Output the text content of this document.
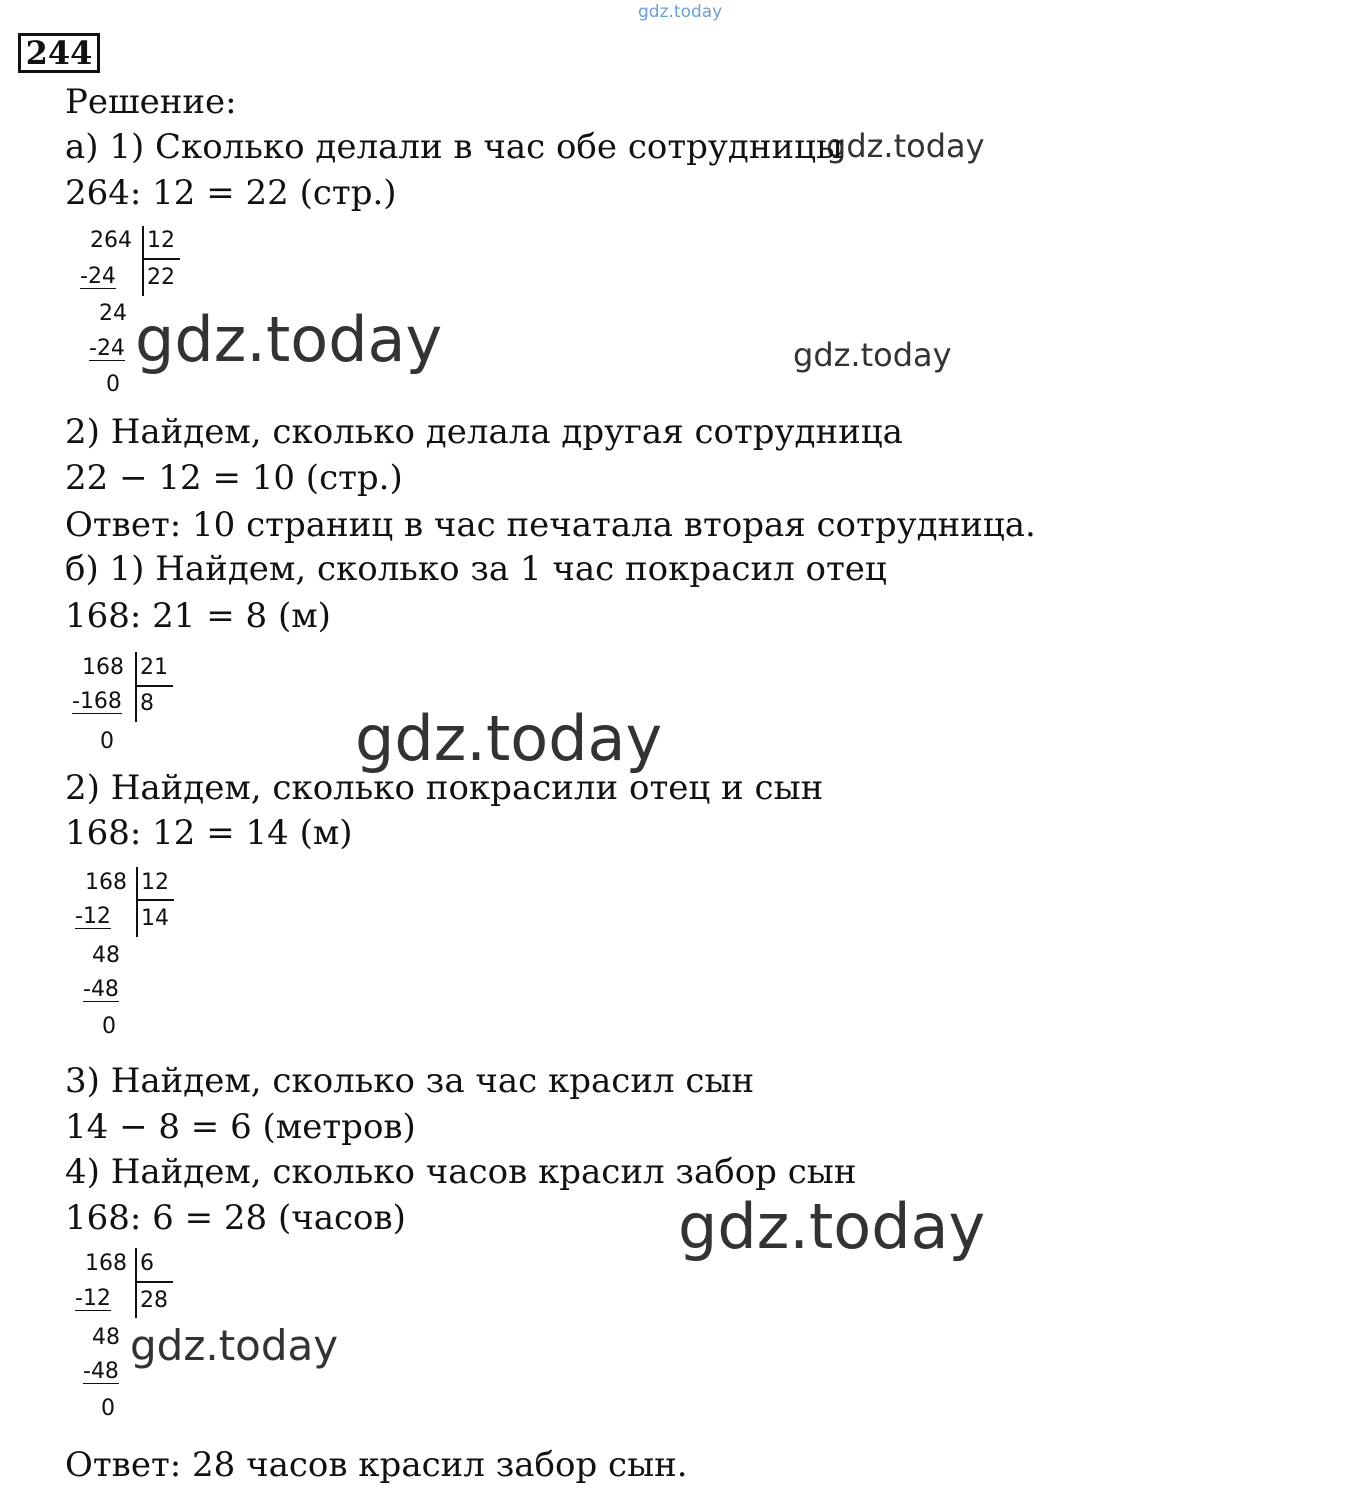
gdz.today
gdz.today
gdz.today	gdz.today
gdz.today
gdz.today
gdz.today
244
Решение:
а) 1) Сколько делали в час обе сотрудницы
264: 12 = 22 (стр.)
264 12
22
-24
24
-24
0
2) Найдем, сколько делала другая сотрудница
22 − 12 = 10 (стр.)
Ответ: 10 страниц в час печатала вторая сотрудница.
б) 1) Найдем, сколько за 1 час покрасил отец
168: 21 = 8 (м)
168 21
8
-168
0
2) Найдем, сколько покрасили отец и сын
168: 12 = 14 (м)
168 12
14
-12
48
-48
0
3) Найдем, сколько за час красил сын
14 − 8 = 6 (метров)
4) Найдем, сколько часов красил забор сын
168: 6 = 28 (часов)
168 6
28
-12
48
-48
0
Ответ: 28 часов красил забор сын.
